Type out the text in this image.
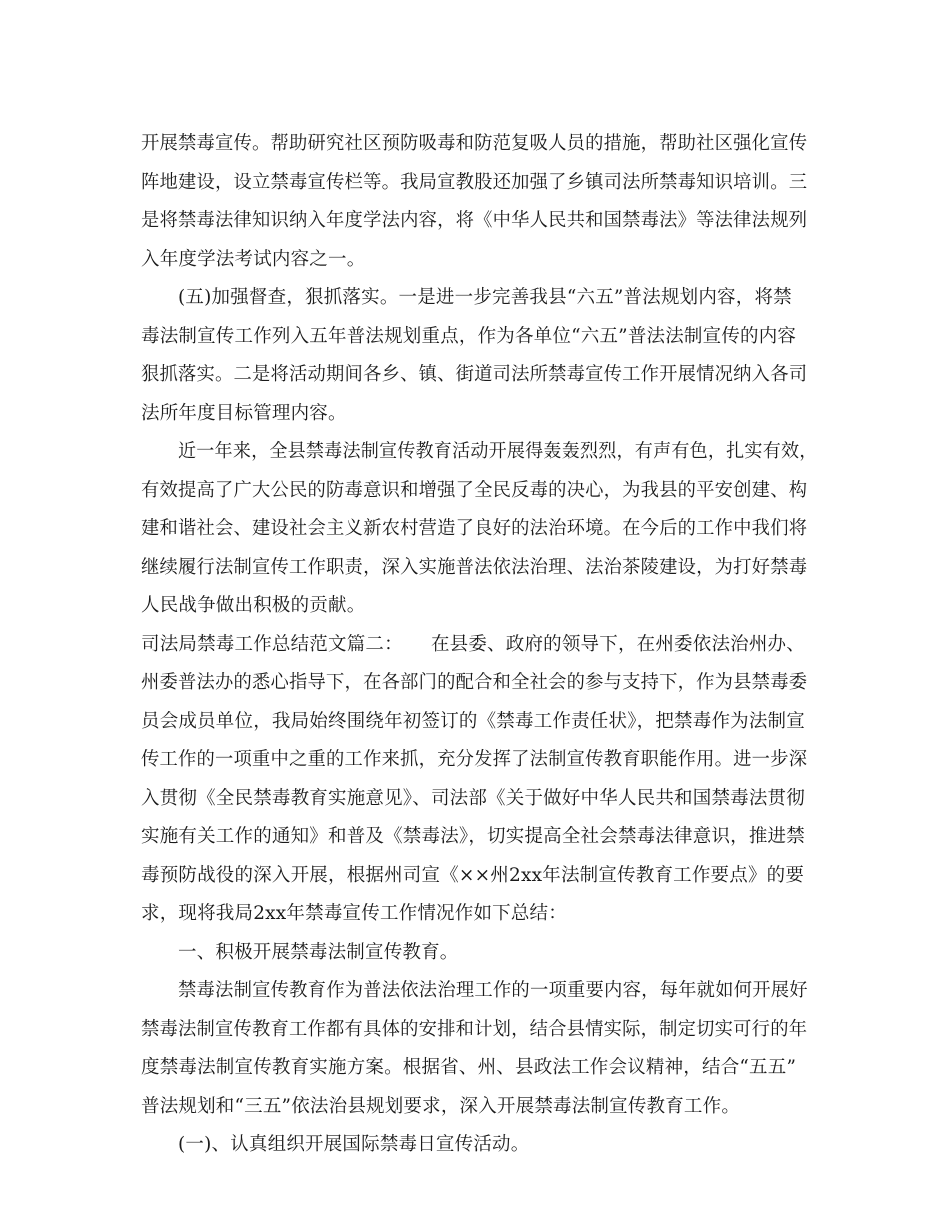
开展禁毒宣传。帮助研究社区预防吸毒和防范复吸人员的措施，帮助社区强化宣传
阵地建设，设立禁毒宣传栏等。我局宣教股还加强了乡镇司法所禁毒知识培训。三
是将禁毒法律知识纳入年度学法内容，将《中华人民共和国禁毒法》等法律法规列
入年度学法考试内容之一。
(五)加强督查，狠抓落实。一是进一步完善我县“六五”普法规划内容，将禁
毒法制宣传工作列入五年普法规划重点，作为各单位“六五”普法法制宣传的内容
狠抓落实。二是将活动期间各乡、镇、街道司法所禁毒宣传工作开展情况纳入各司
法所年度目标管理内容。
近一年来，全县禁毒法制宣传教育活动开展得轰轰烈烈，有声有色，扎实有效，
有效提高了广大公民的防毒意识和增强了全民反毒的决心，为我县的平安创建、构
建和谐社会、建设社会主义新农村营造了良好的法治环境。在今后的工作中我们将
继续履行法制宣传工作职责，深入实施普法依法治理、法治茶陵建设，为打好禁毒
人民战争做出积极的贡献。
司法局禁毒工作总结范文篇二：　　在县委、政府的领导下，在州委依法治州办、
州委普法办的悉心指导下，在各部门的配合和全社会的参与支持下，作为县禁毒委
员会成员单位，我局始终围绕年初签订的《禁毒工作责任状》，把禁毒作为法制宣
传工作的一项重中之重的工作来抓，充分发挥了法制宣传教育职能作用。进一步深
入贯彻《全民禁毒教育实施意见》、司法部《关于做好中华人民共和国禁毒法贯彻
实施有关工作的通知》和普及《禁毒法》，切实提高全社会禁毒法律意识，推进禁
毒预防战役的深入开展，根据州司宣《××州2xx年法制宣传教育工作要点》的要
求，现将我局2xx年禁毒宣传工作情况作如下总结：
一、积极开展禁毒法制宣传教育。
禁毒法制宣传教育作为普法依法治理工作的一项重要内容，每年就如何开展好
禁毒法制宣传教育工作都有具体的安排和计划，结合县情实际，制定切实可行的年
度禁毒法制宣传教育实施方案。根据省、州、县政法工作会议精神，结合“五五”
普法规划和“三五”依法治县规划要求，深入开展禁毒法制宣传教育工作。
(一)、认真组织开展国际禁毒日宣传活动。
